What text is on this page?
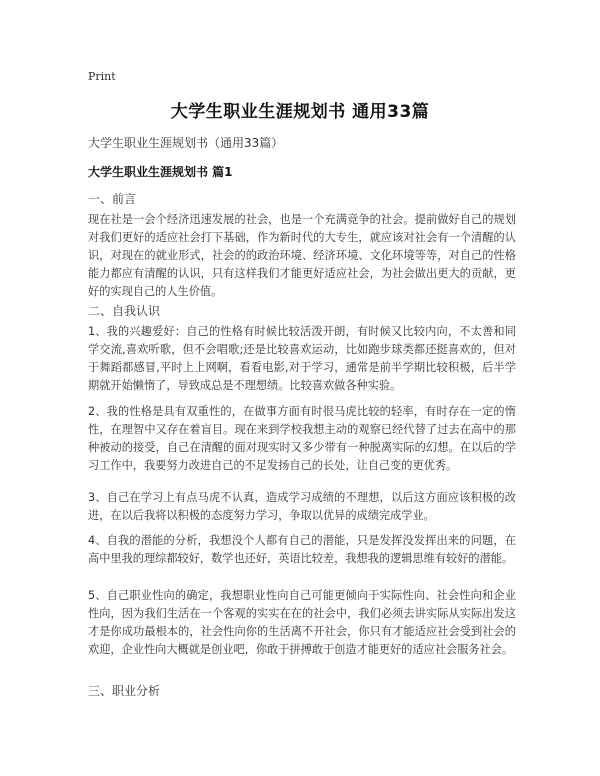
Print
大学生职业生涯规划书 通用33篇
大学生职业生涯规划书（通用33篇）
大学生职业生涯规划书 篇1
一、前言
现在社是一会个经济迅速发展的社会，也是一个充满竞争的社会。提前做好自己的规划对我们更好的适应社会打下基础，作为新时代的大专生，就应该对社会有一个清醒的认识，对现在的就业形式，社会的的政治环境、经济环境、文化环境等等，对自己的性格能力都应有清醒的认识，只有这样我们才能更好适应社会，为社会做出更大的贡献，更好的实现自己的人生价值。
二、自我认识
1、我的兴趣爱好：自己的性格有时候比较活泼开朗，有时候又比较内向，不太善和同学交流,喜欢听歌，但不会唱歌;还是比较喜欢运动，比如跑步球类都还挺喜欢的，但对于舞蹈都感冒,平时上上网啊，看看电影,对于学习，通常是前半学期比较积极，后半学期就开始懒惰了，导致成总是不理想绩。比较喜欢做各种实验。
2、我的性格是具有双重性的，在做事方面有时很马虎比较的轻率，有时存在一定的惰性，在理智中又存在着盲目。现在来到学校我想主动的观察已经代替了过去在高中的那种被动的接受，自己在清醒的面对现实时又多少带有一种脱离实际的幻想。在以后的学习工作中，我要努力改进自己的不足发扬自己的长处，让自己变的更优秀。
3、自己在学习上有点马虎不认真，造成学习成绩的不理想，以后这方面应该积极的改进，在以后我将以积极的态度努力学习，争取以优异的成绩完成学业。
4、自我的潜能的分析，我想没个人都有自己的潜能，只是发挥没发挥出来的问题，在高中里我的理综都较好，数学也还好，英语比较差，我想我的逻辑思维有较好的潜能。
5、自己职业性向的确定，我想职业性向自己可能更倾向于实际性向、社会性向和企业性向，因为我们生活在一个客观的实实在在的社会中，我们必须去讲实际从实际出发这才是你成功最根本的，社会性向你的生活离不开社会，你只有才能适应社会受到社会的欢迎，企业性向大概就是创业吧，你敢于拼搏敢于创造才能更好的适应社会服务社会。
三、职业分析
